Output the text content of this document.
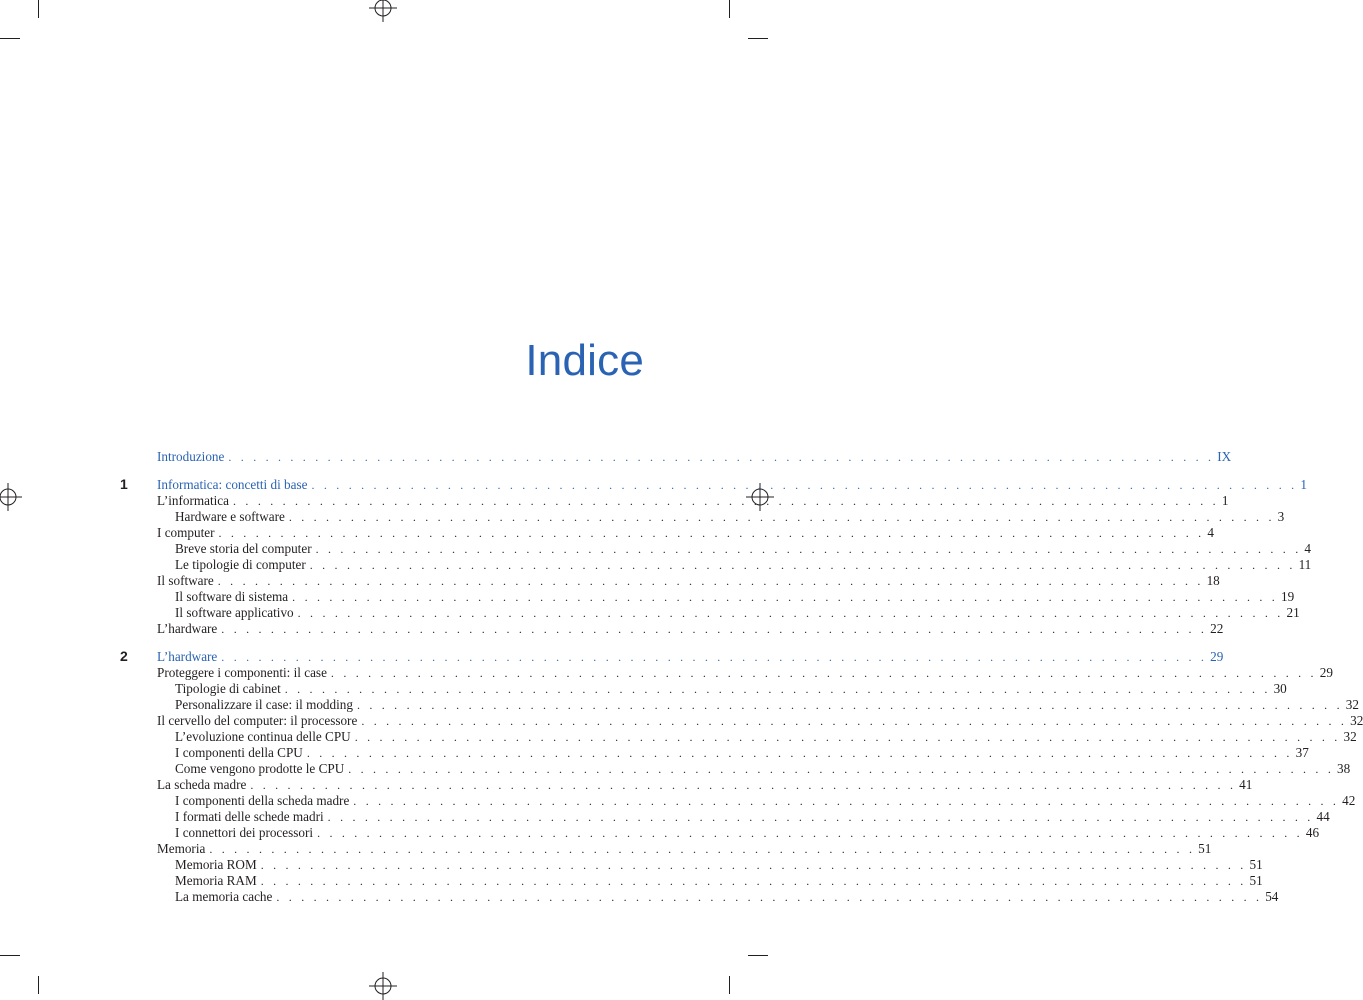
Indice
Introduzione . . . . . . . . . . . . . . . . . . . . . . . . . . . . . . . . . . . . . . . . . . . . . . . . . . . . . . . . . . . . . . . . . . . . . . . . . . . . . . . . IX
Informatica: concetti di base . . . . . . . . . . . . . . . . . . . . . . . . . . . . . . . . . . . . . . . . . . . . . . . . . . . . . . . . . . . . . . . . . . . . . . . . . . . . . . . . 1
L’informatica . . . . . . . . . . . . . . . . . . . . . . . . . . . . . . . . . . . . . . . . . . . . . . . . . . . . . . . . . . . . . . . . . . . . . . . . . . . . . . . . 1
Hardware e software . . . . . . . . . . . . . . . . . . . . . . . . . . . . . . . . . . . . . . . . . . . . . . . . . . . . . . . . . . . . . . . . . . . . . . . . . . . . . . . . 3
I computer . . . . . . . . . . . . . . . . . . . . . . . . . . . . . . . . . . . . . . . . . . . . . . . . . . . . . . . . . . . . . . . . . . . . . . . . . . . . . . . . 4
Breve storia del computer . . . . . . . . . . . . . . . . . . . . . . . . . . . . . . . . . . . . . . . . . . . . . . . . . . . . . . . . . . . . . . . . . . . . . . . . . . . . . . . . 4
Le tipologie di computer . . . . . . . . . . . . . . . . . . . . . . . . . . . . . . . . . . . . . . . . . . . . . . . . . . . . . . . . . . . . . . . . . . . . . . . . . . . . . . . . 11
Il software . . . . . . . . . . . . . . . . . . . . . . . . . . . . . . . . . . . . . . . . . . . . . . . . . . . . . . . . . . . . . . . . . . . . . . . . . . . . . . . . 18
Il software di sistema . . . . . . . . . . . . . . . . . . . . . . . . . . . . . . . . . . . . . . . . . . . . . . . . . . . . . . . . . . . . . . . . . . . . . . . . . . . . . . . . 19
Il software applicativo . . . . . . . . . . . . . . . . . . . . . . . . . . . . . . . . . . . . . . . . . . . . . . . . . . . . . . . . . . . . . . . . . . . . . . . . . . . . . . . . 21
L’hardware . . . . . . . . . . . . . . . . . . . . . . . . . . . . . . . . . . . . . . . . . . . . . . . . . . . . . . . . . . . . . . . . . . . . . . . . . . . . . . . . 22
L’hardware . . . . . . . . . . . . . . . . . . . . . . . . . . . . . . . . . . . . . . . . . . . . . . . . . . . . . . . . . . . . . . . . . . . . . . . . . . . . . . . . 29
Proteggere i componenti: il case . . . . . . . . . . . . . . . . . . . . . . . . . . . . . . . . . . . . . . . . . . . . . . . . . . . . . . . . . . . . . . . . . . . . . . . . . . . . . . . . 29
Tipologie di cabinet . . . . . . . . . . . . . . . . . . . . . . . . . . . . . . . . . . . . . . . . . . . . . . . . . . . . . . . . . . . . . . . . . . . . . . . . . . . . . . . . 30
Personalizzare il case: il modding . . . . . . . . . . . . . . . . . . . . . . . . . . . . . . . . . . . . . . . . . . . . . . . . . . . . . . . . . . . . . . . . . . . . . . . . . . . . . . . . 32
Il cervello del computer: il processore . . . . . . . . . . . . . . . . . . . . . . . . . . . . . . . . . . . . . . . . . . . . . . . . . . . . . . . . . . . . . . . . . . . . . . . . . . . . . . . . 32
L’evoluzione continua delle CPU . . . . . . . . . . . . . . . . . . . . . . . . . . . . . . . . . . . . . . . . . . . . . . . . . . . . . . . . . . . . . . . . . . . . . . . . . . . . . . . . 32
I componenti della CPU . . . . . . . . . . . . . . . . . . . . . . . . . . . . . . . . . . . . . . . . . . . . . . . . . . . . . . . . . . . . . . . . . . . . . . . . . . . . . . . . 37
Come vengono prodotte le CPU . . . . . . . . . . . . . . . . . . . . . . . . . . . . . . . . . . . . . . . . . . . . . . . . . . . . . . . . . . . . . . . . . . . . . . . . . . . . . . . . 38
La scheda madre . . . . . . . . . . . . . . . . . . . . . . . . . . . . . . . . . . . . . . . . . . . . . . . . . . . . . . . . . . . . . . . . . . . . . . . . . . . . . . . . 41
I componenti della scheda madre . . . . . . . . . . . . . . . . . . . . . . . . . . . . . . . . . . . . . . . . . . . . . . . . . . . . . . . . . . . . . . . . . . . . . . . . . . . . . . . . 42
I formati delle schede madri . . . . . . . . . . . . . . . . . . . . . . . . . . . . . . . . . . . . . . . . . . . . . . . . . . . . . . . . . . . . . . . . . . . . . . . . . . . . . . . . 44
I connettori dei processori . . . . . . . . . . . . . . . . . . . . . . . . . . . . . . . . . . . . . . . . . . . . . . . . . . . . . . . . . . . . . . . . . . . . . . . . . . . . . . . . 46
Memoria . . . . . . . . . . . . . . . . . . . . . . . . . . . . . . . . . . . . . . . . . . . . . . . . . . . . . . . . . . . . . . . . . . . . . . . . . . . . . . . . 51
Memoria ROM . . . . . . . . . . . . . . . . . . . . . . . . . . . . . . . . . . . . . . . . . . . . . . . . . . . . . . . . . . . . . . . . . . . . . . . . . . . . . . . . 51
Memoria RAM . . . . . . . . . . . . . . . . . . . . . . . . . . . . . . . . . . . . . . . . . . . . . . . . . . . . . . . . . . . . . . . . . . . . . . . . . . . . . . . . 51
La memoria cache . . . . . . . . . . . . . . . . . . . . . . . . . . . . . . . . . . . . . . . . . . . . . . . . . . . . . . . . . . . . . . . . . . . . . . . . . . . . . . . . 54
1
2
